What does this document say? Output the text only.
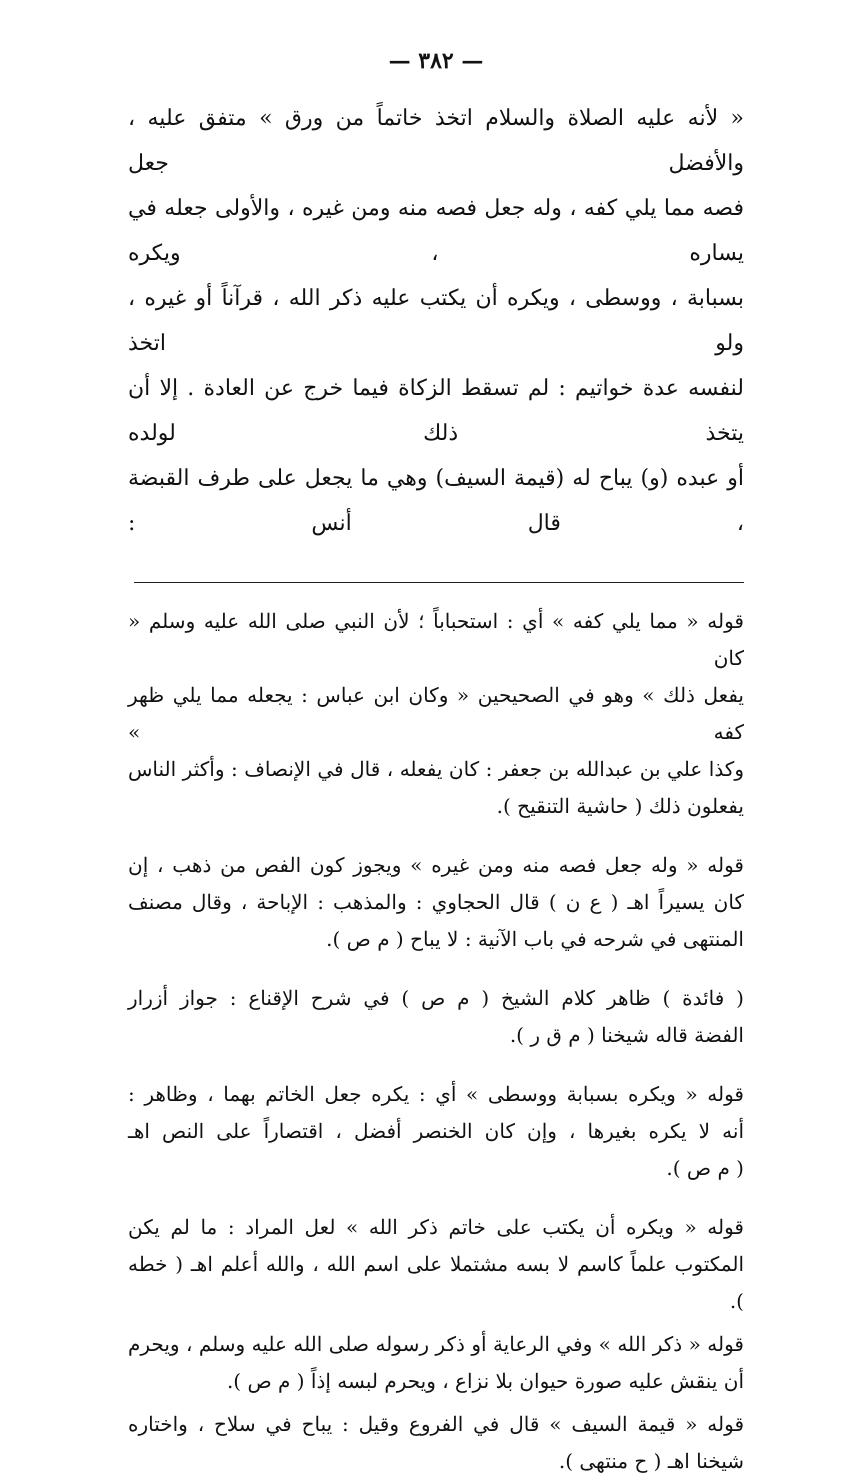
— ٣٨٢ —

« لأنه عليه الصلاة والسلام اتخذ خاتماً من ورق » متفق عليه ، والأفضل جعل

فصه مما يلي كفه ، وله جعل فصه منه ومن غيره ، والأولى جعله في يساره ، ويكره

بسبابة ، ووسطى ، ويكره أن يكتب عليه ذكر الله ، قرآناً أو غيره ، ولو اتخذ

لنفسه عدة خواتيم : لم تسقط الزكاة فيما خرج عن العادة . إلا أن يتخذ ذلك لولده

أو عبده (و) يباح له (قيمة السيف) وهي ما يجعل على طرف القبضة ، قال أنس :

قوله « مما يلي كفه » أي : استحباباً ؛ لأن النبي صلى الله عليه وسلم « كان

يفعل ذلك » وهو في الصحيحين « وكان ابن عباس : يجعله مما يلي ظهر كفه »

وكذا علي بن عبدالله بن جعفر : كان يفعله ، قال في الإنصاف : وأكثر الناس

يفعلون ذلك ( حاشية التنقيح ).

قوله « وله جعل فصه منه ومن غيره » ويجوز كون الفص من ذهب ، إن

كان يسيراً اهـ ( ع ن ) قال الحجاوي : والمذهب : الإباحة ، وقال مصنف

المنتهى في شرحه في باب الآنية : لا يباح ( م ص ).

( فائدة ) ظاهر كلام الشيخ ( م ص ) في شرح الإقناع : جواز أزرار

الفضة قاله شيخنا ( م ق ر ).

قوله « ويكره بسبابة ووسطى » أي : يكره جعل الخاتم بهما ، وظاهر :

أنه لا يكره بغيرها ، وإن كان الخنصر أفضل ، اقتصاراً على النص اهـ

( م ص ).

قوله « ويكره أن يكتب على خاتم ذكر الله » لعل المراد : ما لم يكن

المكتوب علماً كاسم لا بسه مشتملا على اسم الله ، والله أعلم اهـ ( خطه ).

قوله « ذكر الله » وفي الرعاية أو ذكر رسوله صلى الله عليه وسلم ، ويحرم

أن ينقش عليه صورة حيوان بلا نزاع ، ويحرم لبسه إذاً ( م ص ).

قوله « قيمة السيف » قال في الفروع وقيل : يباح في سلاح ، واختاره

شيخنا اهـ ( ح منتهى ).
